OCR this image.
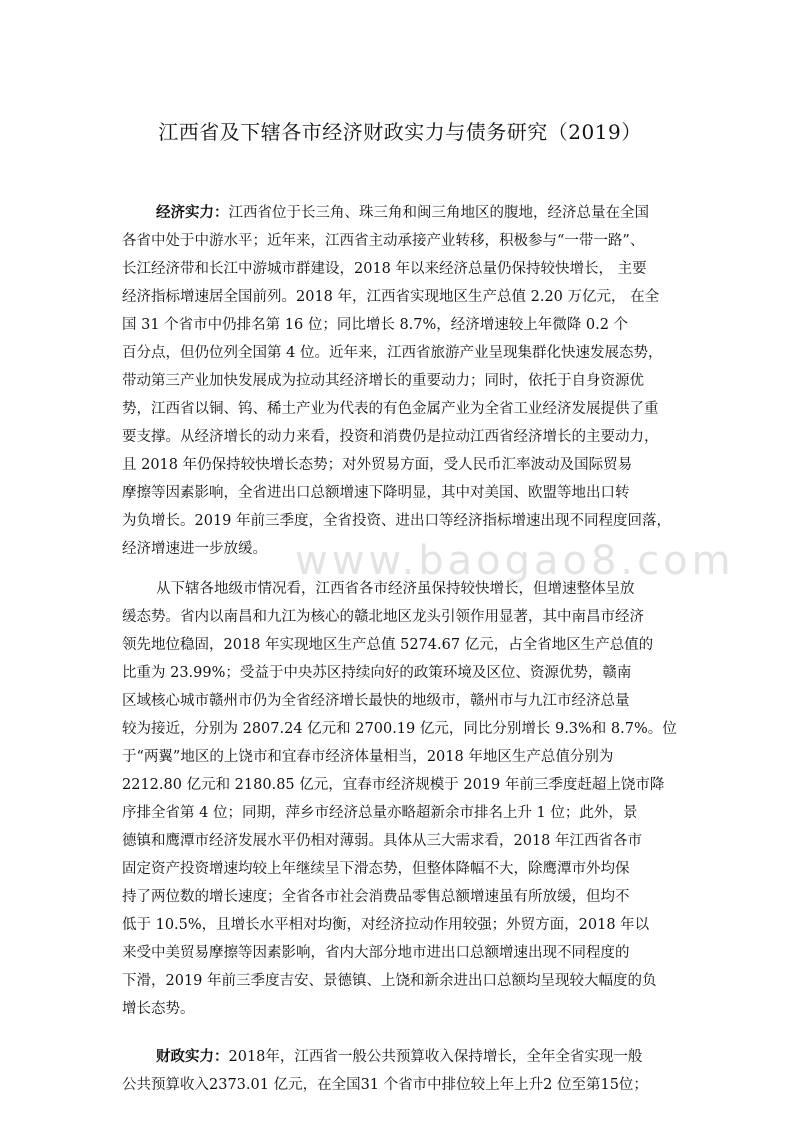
www.baogao8.com
江西省及下辖各市经济财政实力与债务研究（2019）

经济实力：江西省位于长三角、珠三角和闽三角地区的腹地，经济总量在全国

各省中处于中游水平；近年来，江西省主动承接产业转移，积极参与“一带一路”、

长江经济带和长江中游城市群建设，2018 年以来经济总量仍保持较快增长， 主要

经济指标增速居全国前列。2018 年，江西省实现地区生产总值 2.20 万亿元， 在全

国 31 个省市中仍排名第 16 位；同比增长 8.7%，经济增速较上年微降 0.2 个

百分点，但仍位列全国第 4 位。近年来，江西省旅游产业呈现集群化快速发展态势，

带动第三产业加快发展成为拉动其经济增长的重要动力；同时，依托于自身资源优

势，江西省以铜、钨、稀土产业为代表的有色金属产业为全省工业经济发展提供了重

要支撑。从经济增长的动力来看，投资和消费仍是拉动江西省经济增长的主要动力，

且 2018 年仍保持较快增长态势；对外贸易方面，受人民币汇率波动及国际贸易

摩擦等因素影响，全省进出口总额增速下降明显，其中对美国、欧盟等地出口转

为负增长。2019 年前三季度，全省投资、进出口等经济指标增速出现不同程度回落，

经济增速进一步放缓。

从下辖各地级市情况看，江西省各市经济虽保持较快增长，但增速整体呈放

缓态势。省内以南昌和九江为核心的赣北地区龙头引领作用显著，其中南昌市经济

领先地位稳固，2018 年实现地区生产总值 5274.67 亿元，占全省地区生产总值的

比重为 23.99%；受益于中央苏区持续向好的政策环境及区位、资源优势，赣南

区域核心城市赣州市仍为全省经济增长最快的地级市，赣州市与九江市经济总量

较为接近，分别为 2807.24 亿元和 2700.19 亿元，同比分别增长 9.3%和 8.7%。位

于“两翼”地区的上饶市和宜春市经济体量相当，2018 年地区生产总值分别为

2212.80 亿元和 2180.85 亿元，宜春市经济规模于 2019 年前三季度赶超上饶市降

序排全省第 4 位；同期，萍乡市经济总量亦略超新余市排名上升 1 位；此外，景

德镇和鹰潭市经济发展水平仍相对薄弱。具体从三大需求看，2018 年江西省各市

固定资产投资增速均较上年继续呈下滑态势，但整体降幅不大，除鹰潭市外均保

持了两位数的增长速度；全省各市社会消费品零售总额增速虽有所放缓，但均不

低于 10.5%，且增长水平相对均衡，对经济拉动作用较强；外贸方面，2018 年以

来受中美贸易摩擦等因素影响，省内大部分地市进出口总额增速出现不同程度的

下滑，2019 年前三季度吉安、景德镇、上饶和新余进出口总额均呈现较大幅度的负

增长态势。

财政实力：2018年，江西省一般公共预算收入保持增长，全年全省实现一般

公共预算收入2373.01 亿元，在全国31 个省市中排位较上年上升2 位至第15位；
